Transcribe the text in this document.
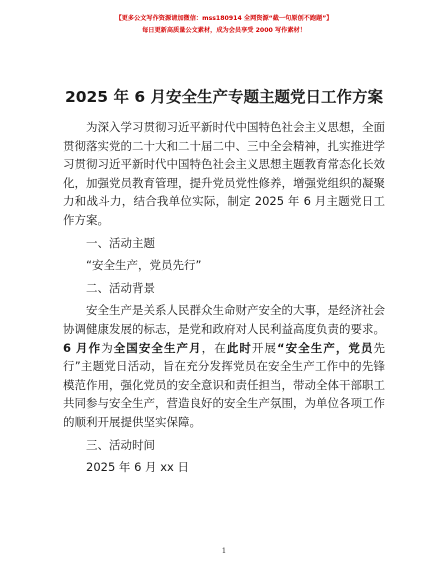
【更多公文写作资源请加微信：mss180914 全网资源“截一句原创不跑题”】
每日更新高质量公文素材，成为会员享受 2000 写作素材！
2025 年 6 月安全生产专题主题党日工作方案

为深入学习贯彻习近平新时代中国特色社会主义思想，全面贯彻落实党的二十大和二十届二中、三中全会精神，扎实推进学习贯彻习近平新时代中国特色社会主义思想主题教育常态化长效化，加强党员教育管理，提升党员党性修养，增强党组织的凝聚力和战斗力，结合我单位实际，制定 2025 年 6 月主题党日工作方案。

一、活动主题

“安全生产，党员先行”

二、活动背景

安全生产是关系人民群众生命财产安全的大事，是经济社会协调健康发展的标志，是党和政府对人民利益高度负责的要求。6 月作为全国安全生产月，在此时开展“安全生产，党员先行”主题党日活动，旨在充分发挥党员在安全生产工作中的先锋模范作用，强化党员的安全意识和责任担当，带动全体干部职工共同参与安全生产，营造良好的安全生产氛围，为单位各项工作的顺利开展提供坚实保障。

三、活动时间

2025 年 6 月 xx 日

1
